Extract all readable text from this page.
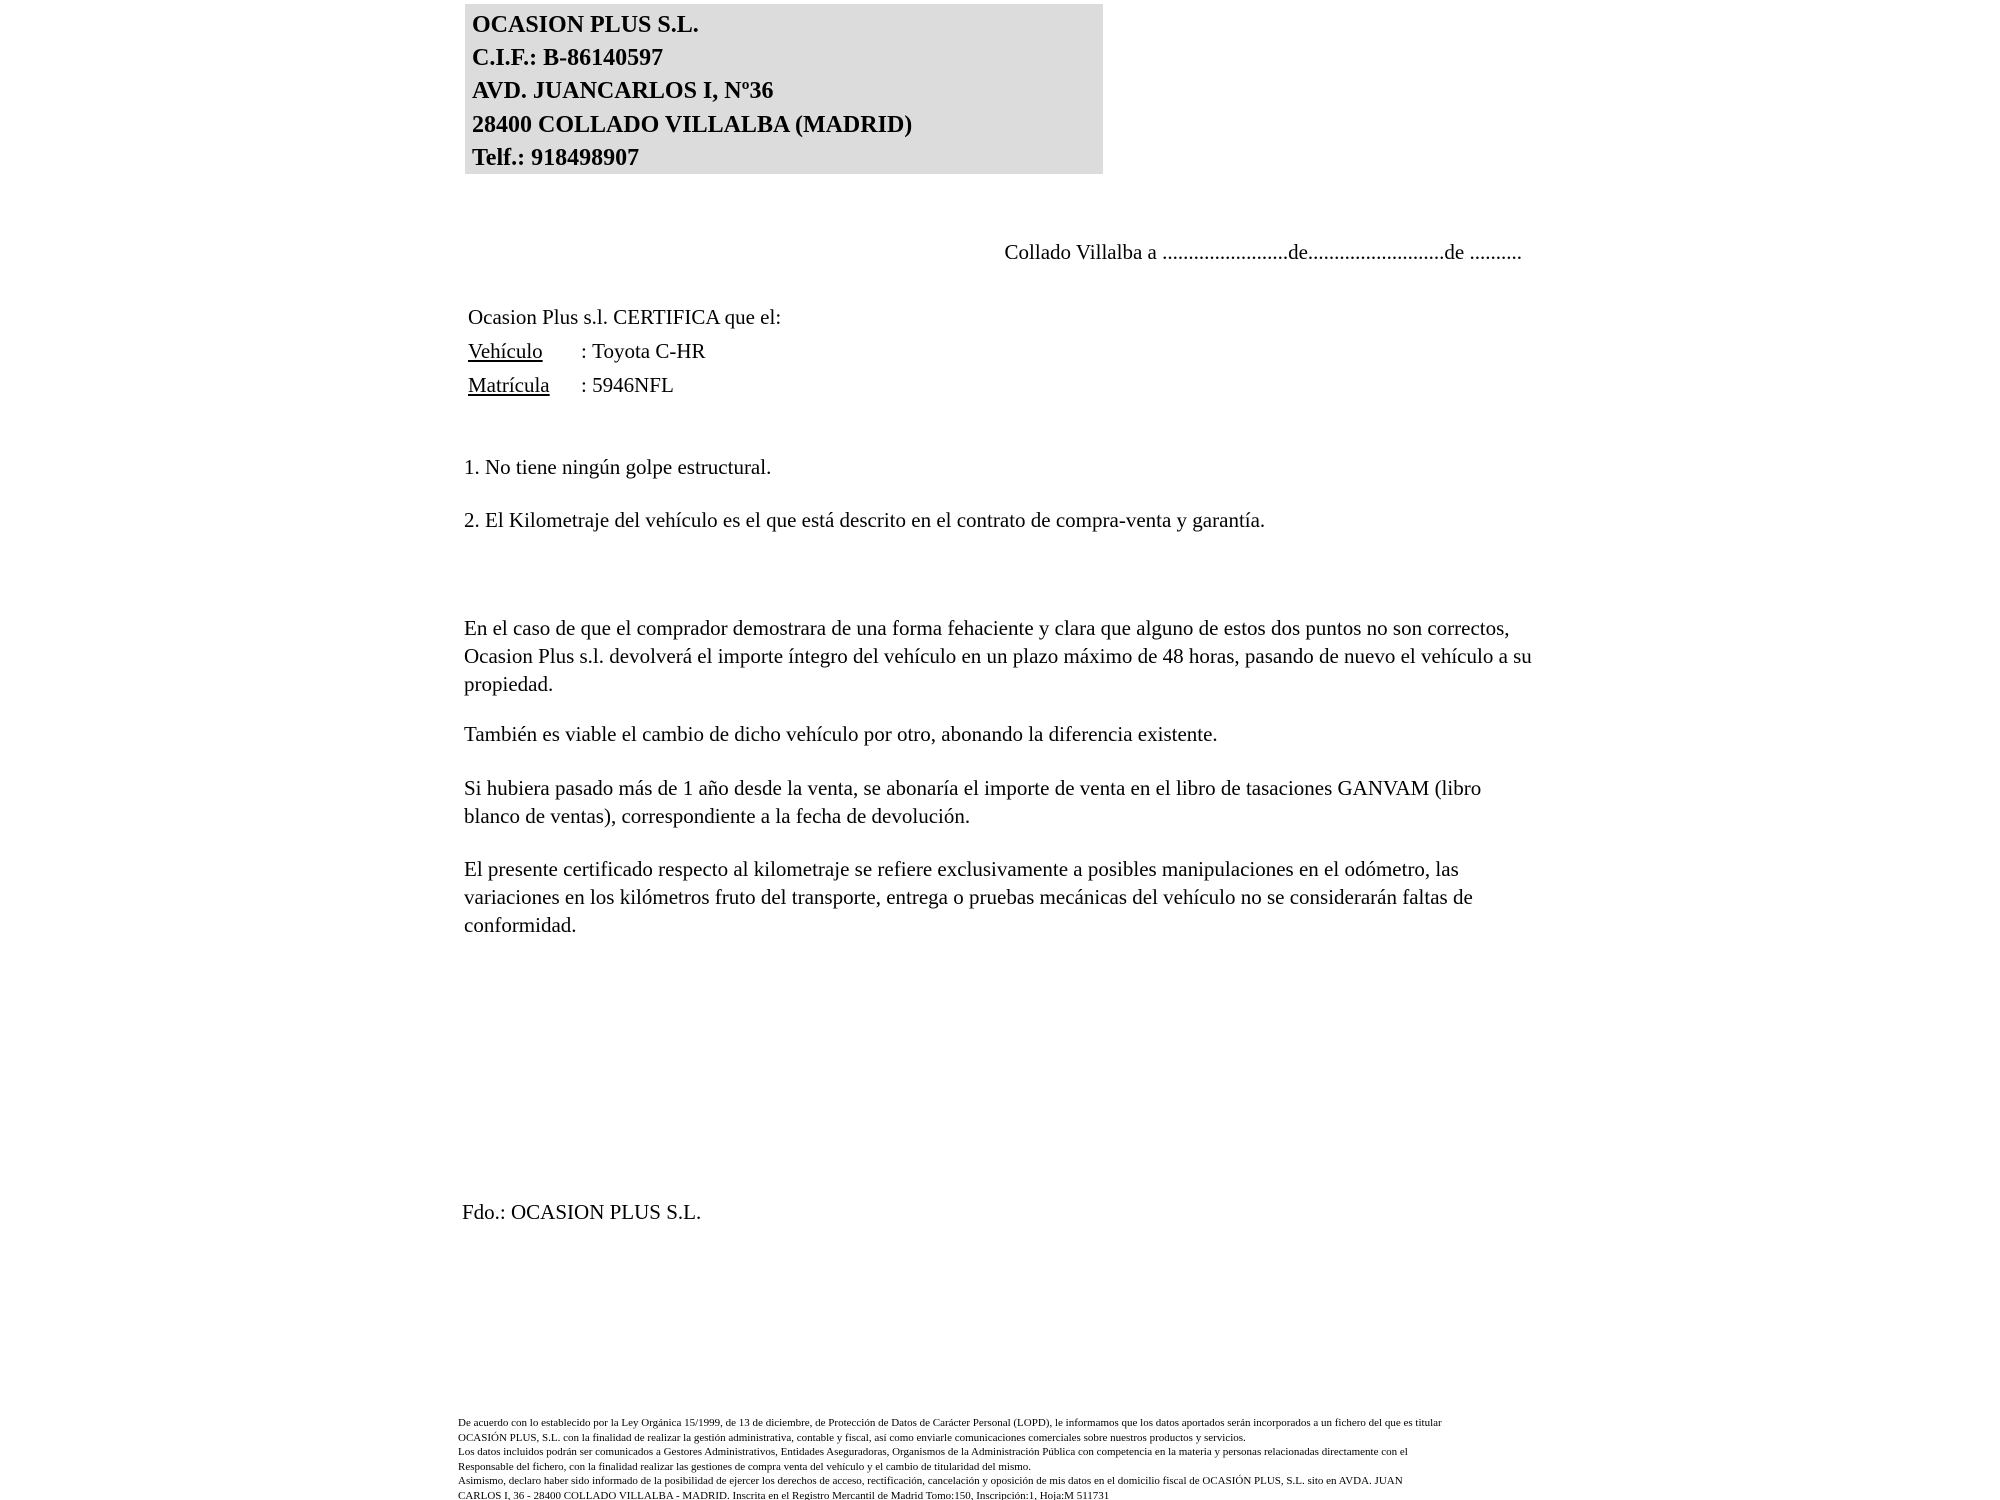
OCASION PLUS S.L.
C.I.F.: B-86140597
AVD. JUANCARLOS I, Nº36
28400 COLLADO VILLALBA (MADRID)
Telf.: 918498907
Collado Villalba a ........................de..........................de ..........
Ocasion Plus s.l. CERTIFICA que el:
Vehículo : Toyota C-HR
Matrícula : 5946NFL
1. No tiene ningún golpe estructural.
2. El Kilometraje del vehículo es el que está descrito en el contrato de compra-venta y garantía.
En el caso de que el comprador demostrara de una forma fehaciente y clara que alguno de estos dos puntos no son correctos, Ocasion Plus s.l. devolverá el importe íntegro del vehículo en un plazo máximo de 48 horas, pasando de nuevo el vehículo a su propiedad.
También es viable el cambio de dicho vehículo por otro, abonando la diferencia existente.
Si hubiera pasado más de 1 año desde la venta, se abonaría el importe de venta en el libro de tasaciones GANVAM (libro blanco de ventas), correspondiente a la fecha de devolución.
El presente certificado respecto al kilometraje se refiere exclusivamente a posibles manipulaciones en el odómetro, las variaciones en los kilómetros fruto del transporte, entrega o pruebas mecánicas del vehículo no se considerarán faltas de conformidad.
Fdo.: OCASION PLUS S.L.
De acuerdo con lo establecido por la Ley Orgánica 15/1999, de 13 de diciembre, de Protección de Datos de Carácter Personal (LOPD), le informamos que los datos aportados serán incorporados a un fichero del que es titular
OCASIÓN PLUS, S.L. con la finalidad de realizar la gestión administrativa, contable y fiscal, así como enviarle comunicaciones comerciales sobre nuestros productos y servicios.
Los datos incluidos podrán ser comunicados a Gestores Administrativos, Entidades Aseguradoras, Organismos de la Administración Pública con competencia en la materia y personas relacionadas directamente con el
Responsable del fichero, con la finalidad realizar las gestiones de compra venta del vehículo y el cambio de titularidad del mismo.
Asimismo, declaro haber sido informado de la posibilidad de ejercer los derechos de acceso, rectificación, cancelación y oposición de mis datos en el domicilio fiscal de OCASIÓN PLUS, S.L. sito en AVDA. JUAN
CARLOS I, 36 - 28400 COLLADO VILLALBA - MADRID. Inscrita en el Registro Mercantil de Madrid Tomo:150, Inscripción:1, Hoja:M 511731
